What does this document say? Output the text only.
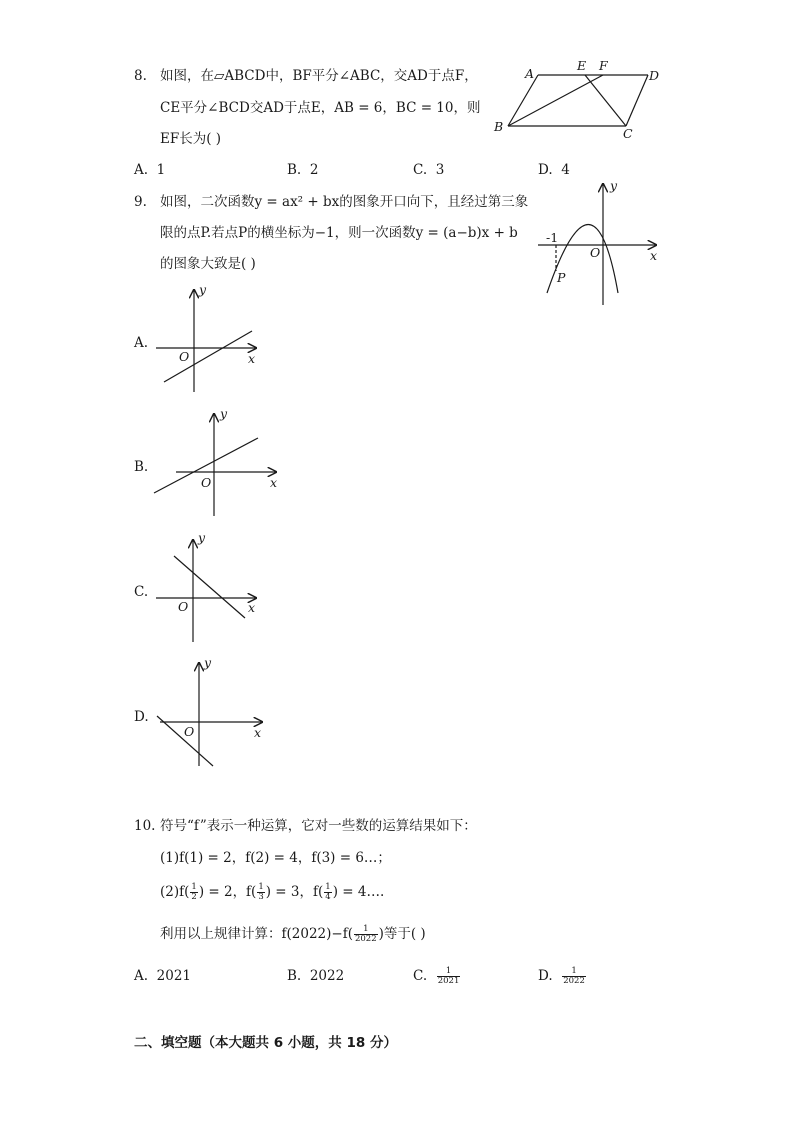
8. 如图，在▱ABCD中，BF平分∠ABC，交AD于点F，
CE平分∠BCD交AD于点E，AB = 6，BC = 10，则
EF长为( )
A. 1	B. 2	C. 3	D. 4
A
E F
D
B	C
9. 如图，二次函数y = ax² + bx的图象开口向下，且经过第三象
限的点P.若点P的横坐标为−1，则一次函数y = (a−b)x + b
的图象大致是( )
y
x
O
-1
P
A.
y
x
O
B.
y
x
O
C.
y
x
O
D.
y
x
O
10. 符号“f”表示一种运算，它对一些数的运算结果如下：
(1)f(1) = 2，f(2) = 4，f(3) = 6…；
$(2)f( \frac{1}{2}$ ) = 2，$f( \frac{1}{3}$ ) = 3，$f( \frac{1}{4}$ ) = 4….
利用以上规律计算：$f(2022)-f( \frac{1}{2022}$ )等于( )
A. 2021	B. 2022	C. $\frac{1}{2021}$	D. $\frac{1}{2022}$
二、填空题（本大题共 6 小题，共 18 分）
